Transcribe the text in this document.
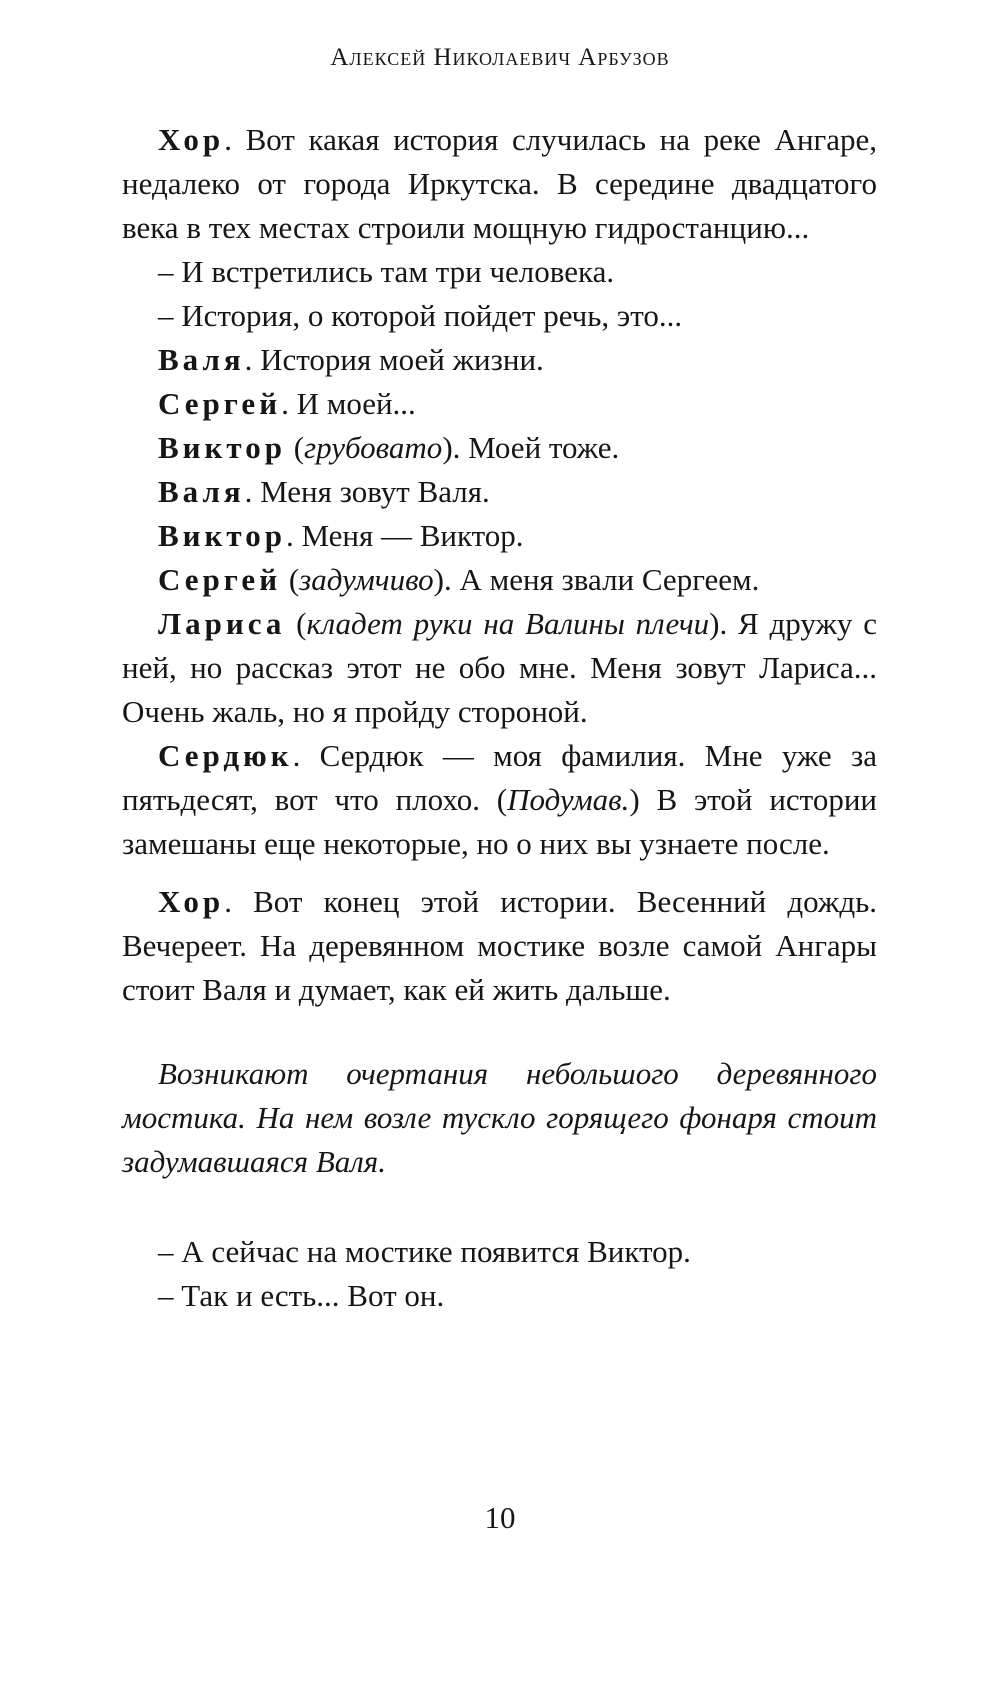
Алексей Николаевич Арбузов

Хор. Вот какая история случилась на реке Ангаре, недалеко от города Иркутска. В середине двадцатого века в тех местах строили мощную гидростанцию...

– И встретились там три человека.

– История, о которой пойдет речь, это...

Валя. История моей жизни.

Сергей. И моей...

Виктор (грубовато). Моей тоже.

Валя. Меня зовут Валя.

Виктор. Меня — Виктор.

Сергей (задумчиво). А меня звали Сергеем.

Лариса (кладет руки на Валины плечи). Я дружу с ней, но рассказ этот не обо мне. Меня зовут Лариса... Очень жаль, но я пройду стороной.

Сердюк. Сердюк — моя фамилия. Мне уже за пятьдесят, вот что плохо. (Подумав.) В этой истории замешаны еще некоторые, но о них вы узнаете после.

Хор. Вот конец этой истории. Весенний дождь. Вечереет. На деревянном мостике возле самой Ангары стоит Валя и думает, как ей жить дальше.

Возникают очертания небольшого деревянного мостика. На нем возле тускло горящего фонаря стоит задумавшаяся Валя.

– А сейчас на мостике появится Виктор.

– Так и есть... Вот он.

10
